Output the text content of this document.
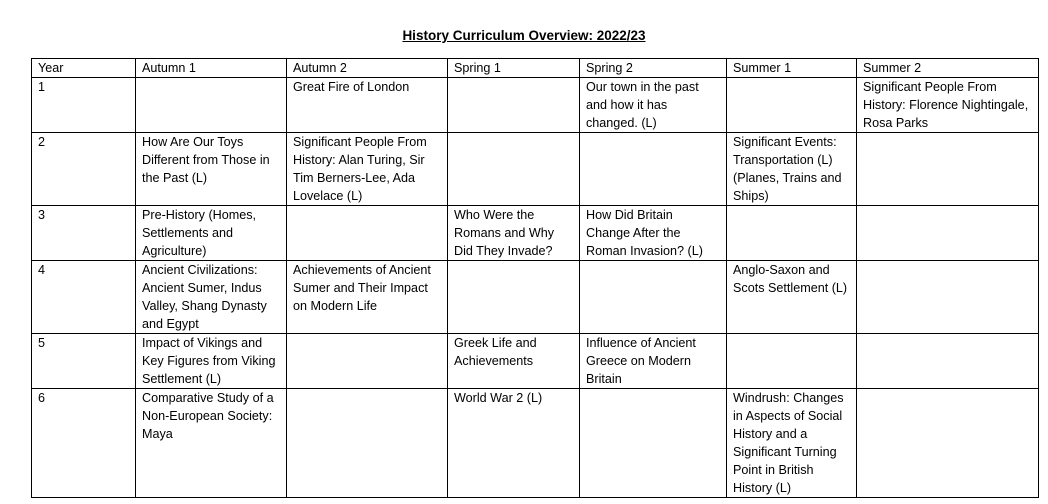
History Curriculum Overview: 2022/23
Year	Autumn 1	Autumn 2	Spring 1	Spring 2	Summer 1	Summer 2
1		Great Fire of London		Our town in the past and how it has changed. (L)		Significant People From History: Florence Nightingale, Rosa Parks
2	How Are Our Toys Different from Those in the Past (L)	Significant People From History: Alan Turing, Sir Tim Berners-Lee, Ada Lovelace (L)			Significant Events: Transportation (L) (Planes, Trains and Ships)	
3	Pre-History (Homes, Settlements and Agriculture)		Who Were the Romans and Why Did They Invade?	How Did Britain Change After the Roman Invasion? (L)		
4	Ancient Civilizations: Ancient Sumer, Indus Valley, Shang Dynasty and Egypt	Achievements of Ancient Sumer and Their Impact on Modern Life			Anglo-Saxon and Scots Settlement (L)	
5	Impact of Vikings and Key Figures from Viking Settlement (L)		Greek Life and Achievements	Influence of Ancient Greece on Modern Britain		
6	Comparative Study of a Non-European Society: Maya		World War 2 (L)		Windrush: Changes in Aspects of Social History and a Significant Turning Point in British History (L)	
